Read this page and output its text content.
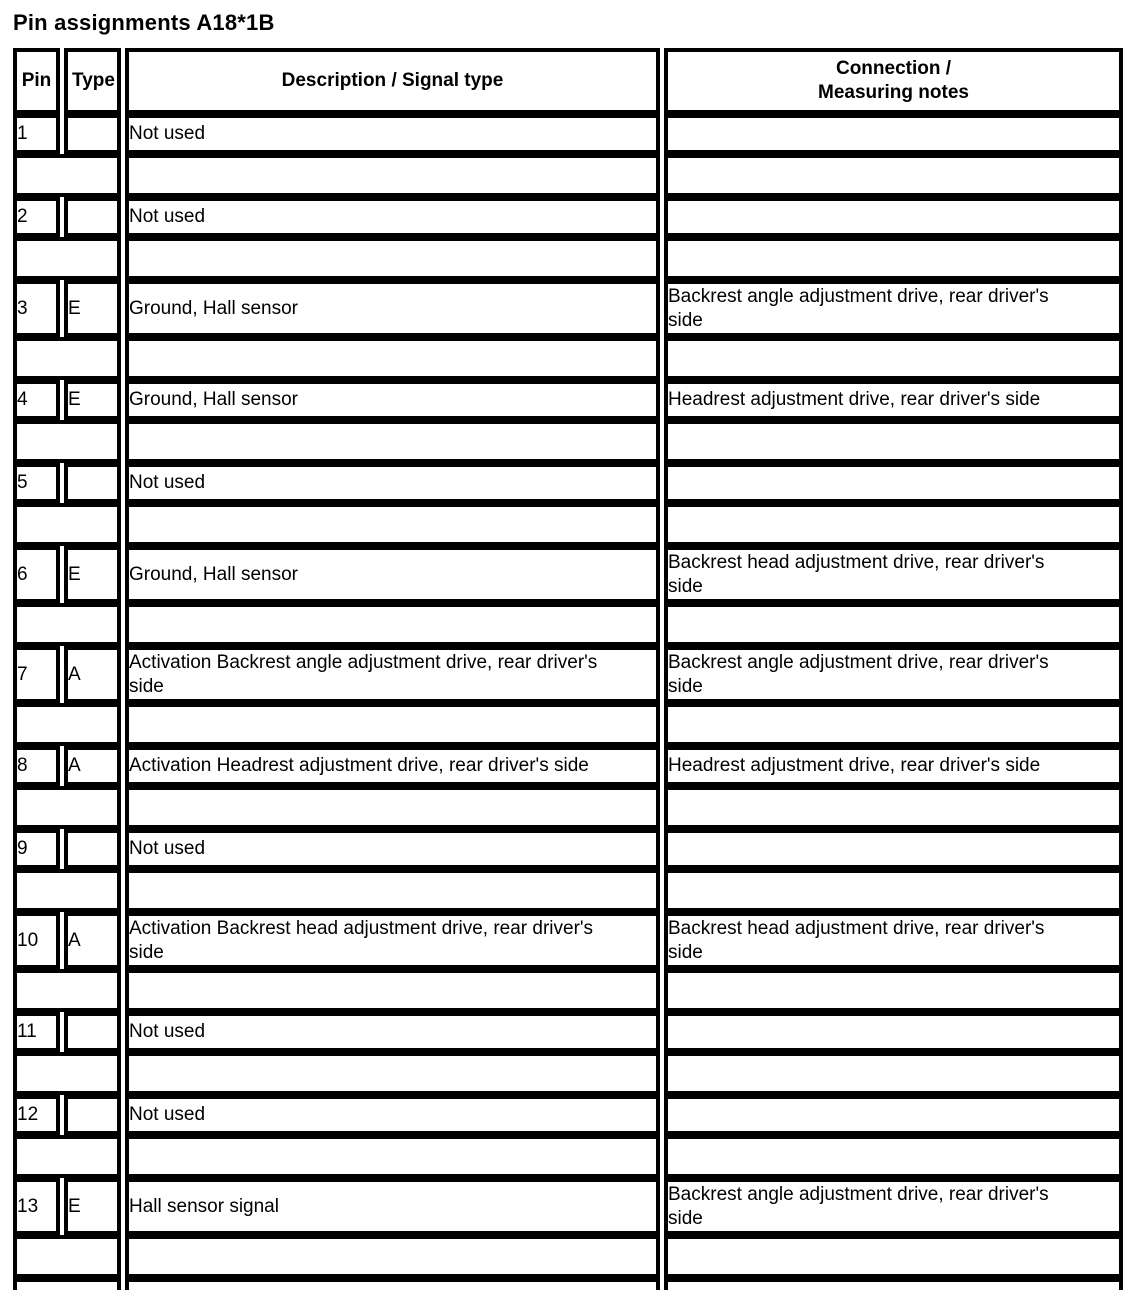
Pin assignments A18*1B
Pin	Type	Description / Signal type	Connection /
Measuring notes

1		Not used	

2		Not used	

3	E	Ground, Hall sensor	Backrest angle adjustment drive, rear driver's side

4	E	Ground, Hall sensor	Headrest adjustment drive, rear driver's side

5		Not used	

6	E	Ground, Hall sensor	Backrest head adjustment drive, rear driver's side

7	A	Activation Backrest angle adjustment drive, rear driver's side	Backrest angle adjustment drive, rear driver's side

8	A	Activation Headrest adjustment drive, rear driver's side	Headrest adjustment drive, rear driver's side

9		Not used	

10	A	Activation Backrest head adjustment drive, rear driver's side	Backrest head adjustment drive, rear driver's side

11		Not used	

12		Not used	

13	E	Hall sensor signal	Backrest angle adjustment drive, rear driver's side
